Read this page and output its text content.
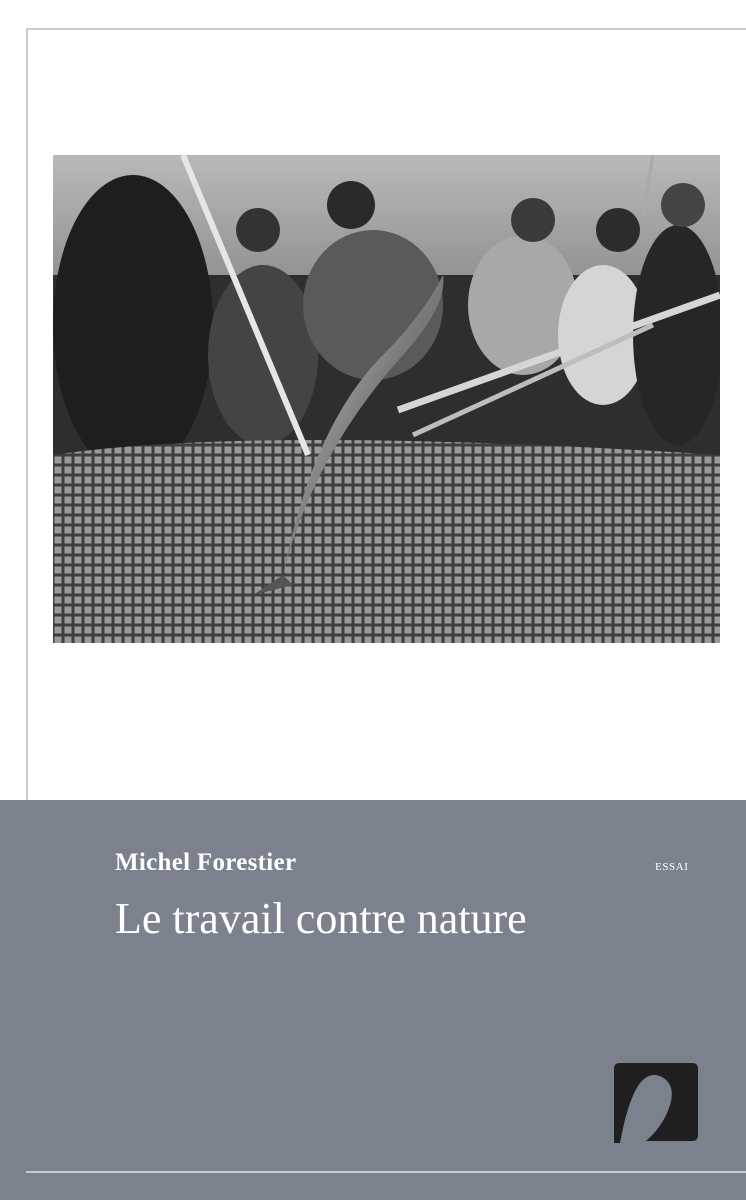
Michel Forestier	ESSAI
Le travail contre nature
